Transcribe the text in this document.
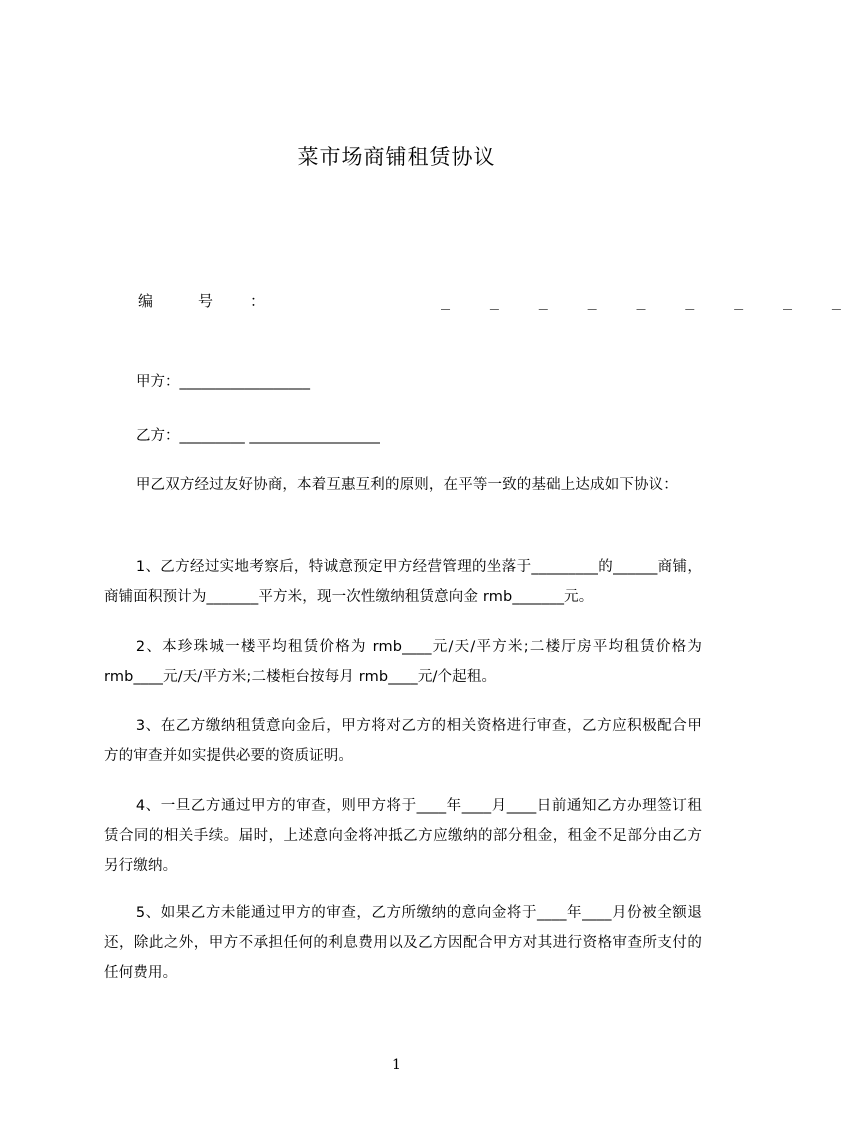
菜市场商铺租赁协议
编	号 ：	_	_	_	_	_	_	_	_	_
甲方：__________________
乙方：_________ __________________

甲乙双方经过友好协商，本着互惠互利的原则，在平等一致的基础上达成如下协议：

1、乙方经过实地考察后，特诚意预定甲方经营管理的坐落于_________的______商铺，商铺面积预计为_______平方米，现一次性缴纳租赁意向金 rmb_______元。

2、本珍珠城一楼平均租赁价格为 rmb____元/天/平方米;二楼厅房平均租赁价格为 rmb____元/天/平方米;二楼柜台按每月 rmb____元/个起租。

3、在乙方缴纳租赁意向金后，甲方将对乙方的相关资格进行审查，乙方应积极配合甲 方的审查并如实提供必要的资质证明。

4、一旦乙方通过甲方的审查，则甲方将于____年____月____日前通知乙方办理签订租赁合同的相关手续。届时，上述意向金将冲抵乙方应缴纳的部分租金，租金不足部分由乙方另行缴纳。

5、如果乙方未能通过甲方的审查，乙方所缴纳的意向金将于____年____月份被全额退还，除此之外，甲方不承担任何的利息费用以及乙方因配合甲方对其进行资格审查所支付的任何费用。

1
